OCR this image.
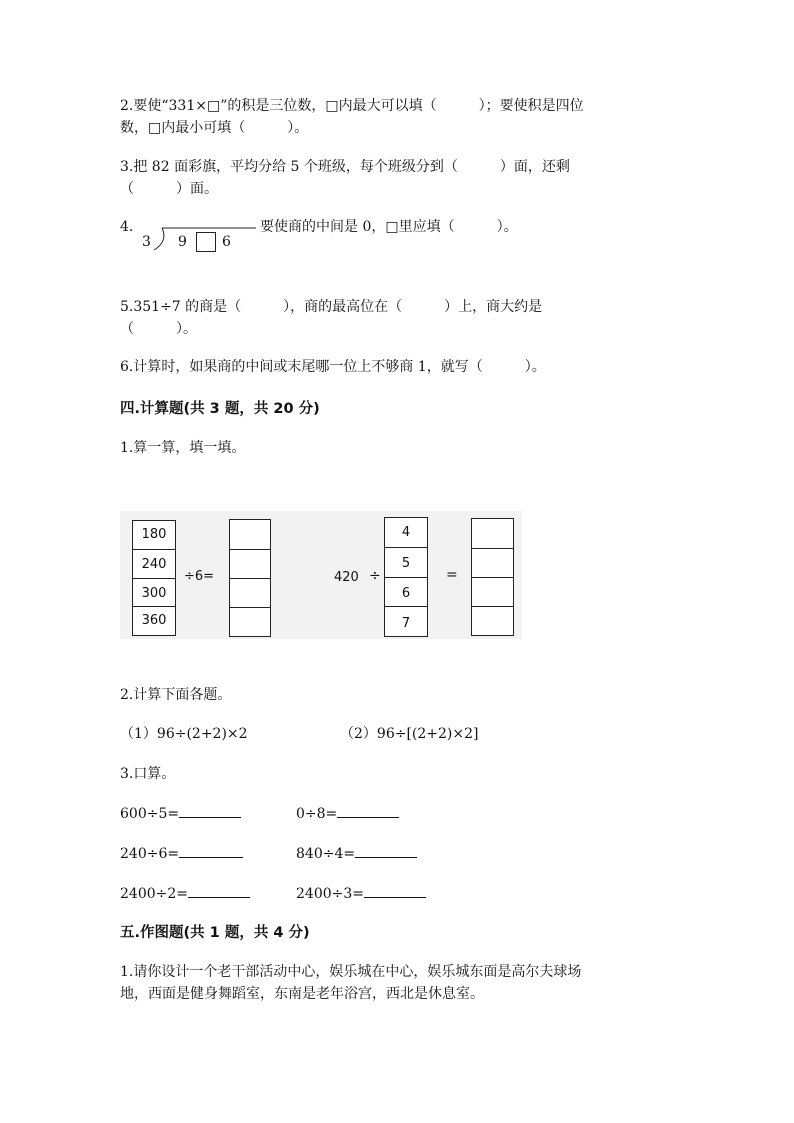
2.要使“331×□”的积是三位数，□内最大可以填（　　　）；要使积是四位
数，□内最小可填（　　　）。
3.把 82 面彩旗，平均分给 5 个班级，每个班级分到（　　　）面，还剩
（　　　）面。
4.
3 9	6
要使商的中间是 0，□里应填（　　　）。
5.351÷7 的商是（　　　），商的最高位在（　　　）上，商大约是
（　　　）。
6.计算时，如果商的中间或末尾哪一位上不够商 1，就写（　　　）。
四.计算题(共 3 题，共 20 分)
1.算一算，填一填。
180
240
300
360
÷6=	420 ÷
4
5
6
7
=
2.计算下面各题。
（1）96÷(2+2)×2	（2）96÷[(2+2)×2]
3.口算。
600÷5=	0÷8=
240÷6=	840÷4=
2400÷2=	2400÷3=
五.作图题(共 1 题，共 4 分)
1.请你设计一个老干部活动中心，娱乐城在中心，娱乐城东面是高尔夫球场
地，西面是健身舞蹈室，东南是老年浴宫，西北是休息室。
